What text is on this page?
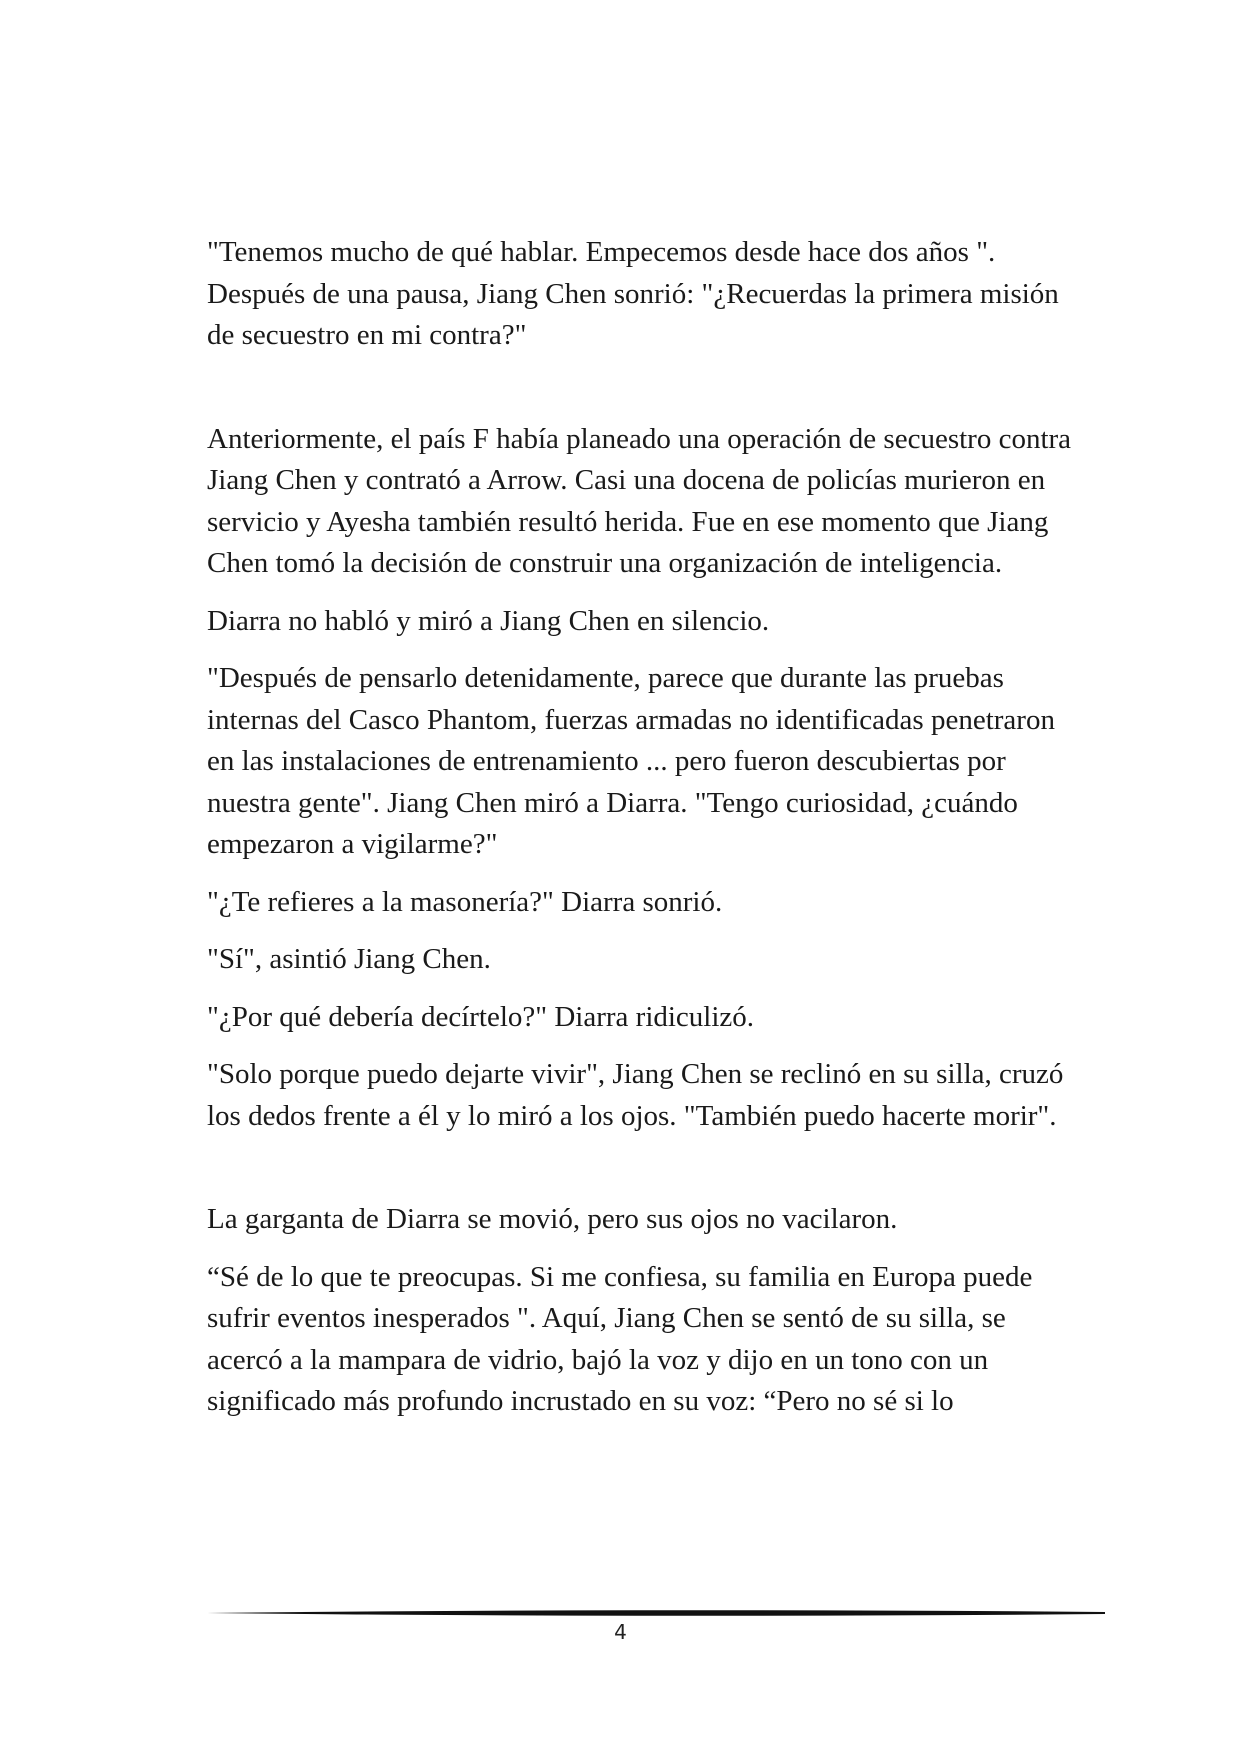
"Tenemos mucho de qué hablar. Empecemos desde hace dos años ". Después de una pausa, Jiang Chen sonrió: "¿Recuerdas la primera misión de secuestro en mi contra?"

Anteriormente, el país F había planeado una operación de secuestro contra Jiang Chen y contrató a Arrow. Casi una docena de policías murieron en servicio y Ayesha también resultó herida. Fue en ese momento que Jiang Chen tomó la decisión de construir una organización de inteligencia.

Diarra no habló y miró a Jiang Chen en silencio.

"Después de pensarlo detenidamente, parece que durante las pruebas internas del Casco Phantom, fuerzas armadas no identificadas penetraron en las instalaciones de entrenamiento ... pero fueron descubiertas por nuestra gente". Jiang Chen miró a Diarra. "Tengo curiosidad, ¿cuándo empezaron a vigilarme?"

"¿Te refieres a la masonería?" Diarra sonrió.

"Sí", asintió Jiang Chen.

"¿Por qué debería decírtelo?" Diarra ridiculizó.

"Solo porque puedo dejarte vivir", Jiang Chen se reclinó en su silla, cruzó los dedos frente a él y lo miró a los ojos. "También puedo hacerte morir".

La garganta de Diarra se movió, pero sus ojos no vacilaron.

“Sé de lo que te preocupas. Si me confiesa, su familia en Europa puede sufrir eventos inesperados ". Aquí, Jiang Chen se sentó de su silla, se acercó a la mampara de vidrio, bajó la voz y dijo en un tono con un significado más profundo incrustado en su voz: “Pero no sé si lo

4
